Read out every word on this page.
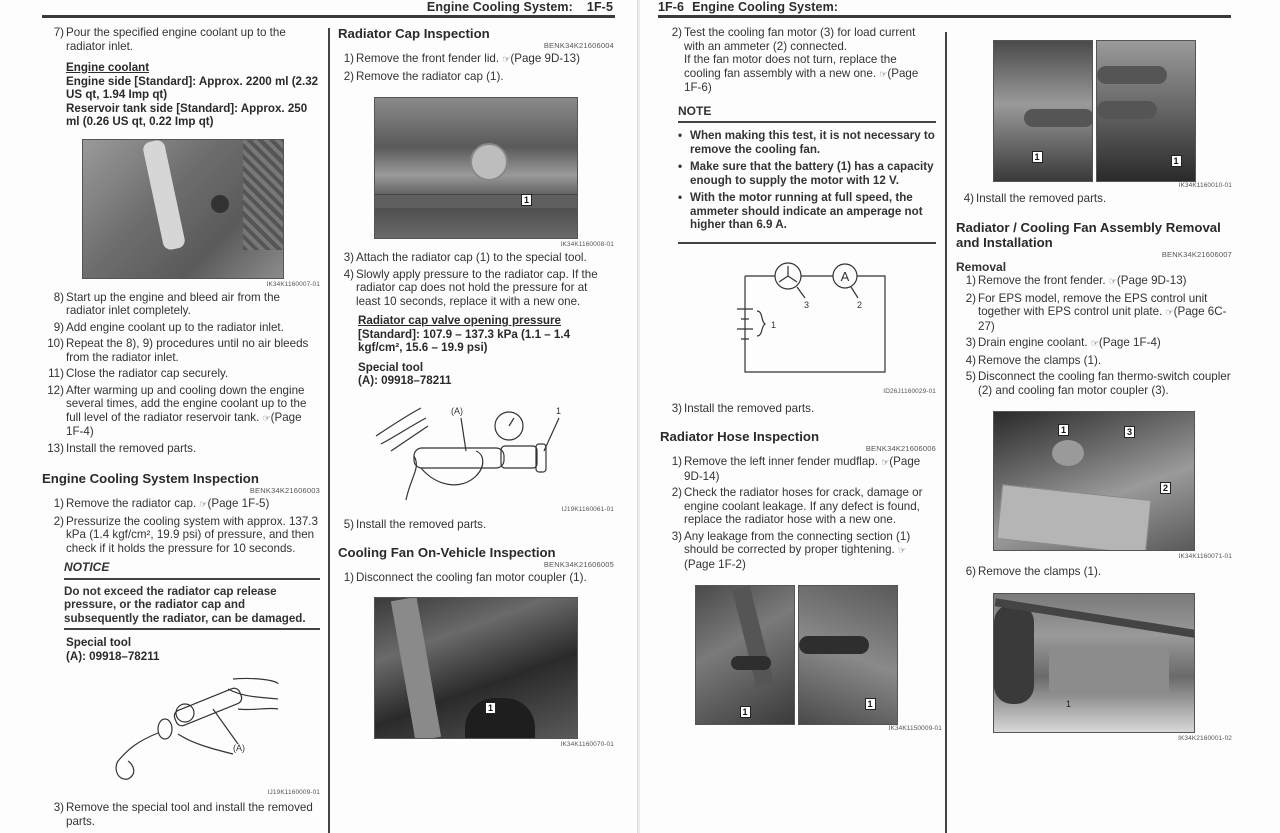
Engine Cooling System: 1F-5
7) Pour the specified engine coolant up to the radiator inlet.
Engine coolant
Engine side [Standard]: Approx. 2200 ml (2.32 US qt, 1.94 Imp qt)
Reservoir tank side [Standard]: Approx. 250 ml (0.26 US qt, 0.22 Imp qt)
IK34K1160007-01
8) Start up the engine and bleed air from the radiator inlet completely.
9) Add engine coolant up to the radiator inlet.
10) Repeat the 8), 9) procedures until no air bleeds from the radiator inlet.
11) Close the radiator cap securely.
12) After warming up and cooling down the engine several times, add the engine coolant up to the full level of the radiator reservoir tank. ☞(Page 1F-4)
13) Install the removed parts.
Engine Cooling System Inspection
BENK34K21606003
1) Remove the radiator cap. ☞(Page 1F-5)
2) Pressurize the cooling system with approx. 137.3 kPa (1.4 kgf/cm², 19.9 psi) of pressure, and then check if it holds the pressure for 10 seconds.
NOTICE
Do not exceed the radiator cap release pressure, or the radiator cap and subsequently the radiator, can be damaged.
Special tool
(A): 09918–78211
(A)
IJ19K1160009-01
3) Remove the special tool and install the removed parts.
Radiator Cap Inspection
BENK34K21606004
1) Remove the front fender lid. ☞(Page 9D-13)
2) Remove the radiator cap (1).
1
IK34K1160008-01
3) Attach the radiator cap (1) to the special tool.
4) Slowly apply pressure to the radiator cap. If the radiator cap does not hold the pressure for at least 10 seconds, replace it with a new one.
Radiator cap valve opening pressure
[Standard]: 107.9 – 137.3 kPa (1.1 – 1.4 kgf/cm², 15.6 – 19.9 psi)
Special tool
(A): 09918–78211
(A)	1
IJ19K1160061-01
5) Install the removed parts.
Cooling Fan On-Vehicle Inspection
BENK34K21606005
1) Disconnect the cooling fan motor coupler (1).
1
IK34K1160070-01
1F-6 Engine Cooling System:
2) Test the cooling fan motor (3) for load current with an ammeter (2) connected.
If the fan motor does not turn, replace the cooling fan assembly with a new one. ☞(Page 1F-6)
NOTE
• When making this test, it is not necessary to remove the cooling fan.
• Make sure that the battery (1) has a capacity enough to supply the motor with 12 V.
• With the motor running at full speed, the ammeter should indicate an amperage not higher than 6.9 A.
A
3	2
1
ID26J1160029-01
3) Install the removed parts.
Radiator Hose Inspection
BENK34K21606006
1) Remove the left inner fender mudflap. ☞(Page 9D-14)
2) Check the radiator hoses for crack, damage or engine coolant leakage. If any defect is found, replace the radiator hose with a new one.
3) Any leakage from the connecting section (1) should be corrected by proper tightening. ☞(Page 1F-2)
1
1
IK34K1150009-01
1	1
IK34K1160010-01
4) Install the removed parts.
Radiator / Cooling Fan Assembly Removal and Installation
BENK34K21606007
Removal
1) Remove the front fender. ☞(Page 9D-13)
2) For EPS model, remove the EPS control unit together with EPS control unit plate. ☞(Page 6C-27)
3) Drain engine coolant. ☞(Page 1F-4)
4) Remove the clamps (1).
5) Disconnect the cooling fan thermo-switch coupler (2) and cooling fan motor coupler (3).
1	3
2
IK34K1160071-01
6) Remove the clamps (1).
1
IK34K2160001-02
